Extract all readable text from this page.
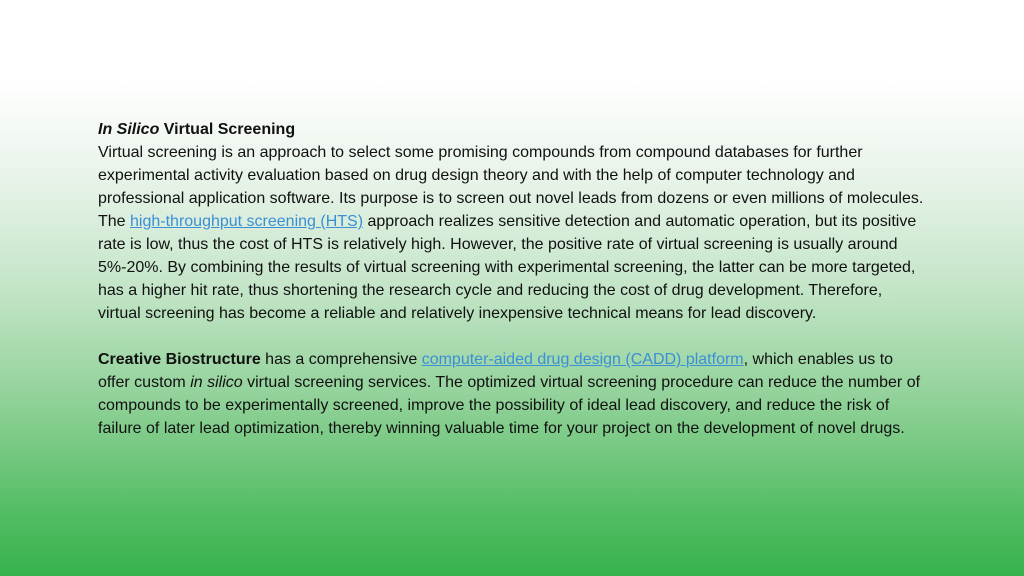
In Silico Virtual Screening

Virtual screening is an approach to select some promising compounds from compound databases for further experimental activity evaluation based on drug design theory and with the help of computer technology and professional application software. Its purpose is to screen out novel leads from dozens or even millions of molecules. The high-throughput screening (HTS) approach realizes sensitive detection and automatic operation, but its positive rate is low, thus the cost of HTS is relatively high. However, the positive rate of virtual screening is usually around 5%-20%. By combining the results of virtual screening with experimental screening, the latter can be more targeted, has a higher hit rate, thus shortening the research cycle and reducing the cost of drug development. Therefore, virtual screening has become a reliable and relatively inexpensive technical means for lead discovery.

Creative Biostructure has a comprehensive computer-aided drug design (CADD) platform, which enables us to offer custom in silico virtual screening services. The optimized virtual screening procedure can reduce the number of compounds to be experimentally screened, improve the possibility of ideal lead discovery, and reduce the risk of failure of later lead optimization, thereby winning valuable time for your project on the development of novel drugs.
